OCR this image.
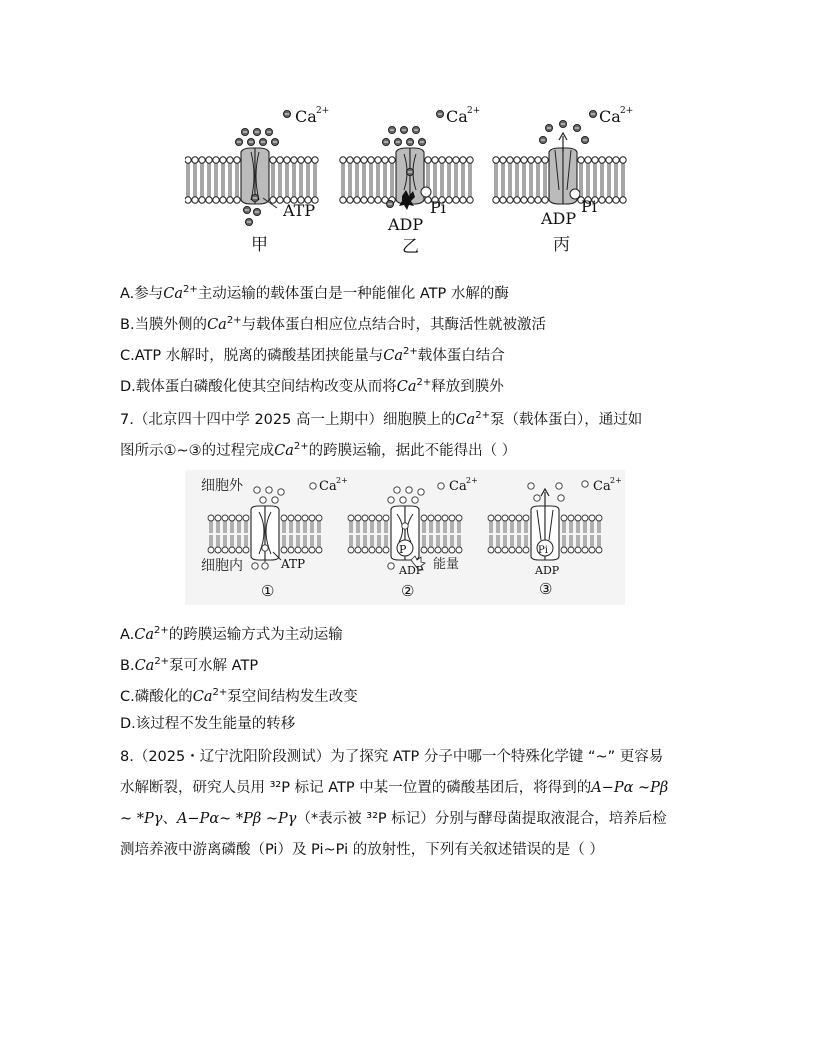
ATP
甲
Ca 2+
Pi
ADP
乙
Ca 2+
Pi
ADP
丙
Ca 2+
A.参与$Ca^{2+}$主动运输的载体蛋白是一种能催化 ATP 水解的酶
B.当膜外侧的$Ca^{2+}$与载体蛋白相应位点结合时，其酶活性就被激活
C.ATP 水解时，脱离的磷酸基团挟能量与$Ca^{2+}$载体蛋白结合
D.载体蛋白磷酸化使其空间结构改变从而将$Ca^{2+}$释放到膜外
7.（北京四十四中学 2025 高一上期中）细胞膜上的$Ca^{2+}$泵（载体蛋白），通过如
图所示①~③的过程完成$Ca^{2+}$的跨膜运输，据此不能得出（ ）
细胞外
细胞内	ATP
①
Ca 2+
P
ADP 能量
②
Ca 2+
Pi
ADP
③
Ca 2+
$A.Ca^{2+}$的跨膜运输方式为主动运输
$B.Ca^{2+}$泵可水解 ATP
C.磷酸化的$Ca^{2+}$泵空间结构发生改变
D.该过程不发生能量的转移
8.（2025・辽宁沈阳阶段测试）为了探究 ATP 分子中哪一个特殊化学键 “~” 更容易
水解断裂，研究人员用 ³²P 标记 ATP 中某一位置的磷酸基团后，将得到的A−Pα ~Pβ
~ *Pγ、A−Pα~ *Pβ ~Pγ（*表示被 ³²P 标记）分别与酵母菌提取液混合，培养后检
测培养液中游离磷酸（Pi）及 Pi~Pi 的放射性，下列有关叙述错误的是（ ）
